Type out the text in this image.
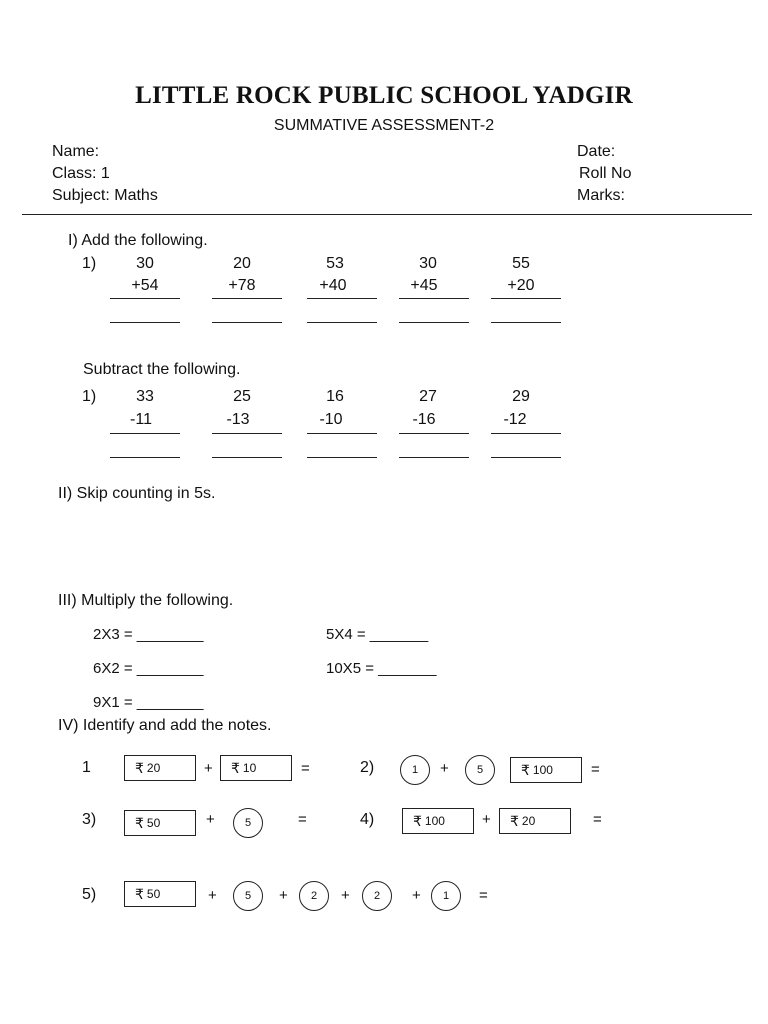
LITTLE ROCK PUBLIC SCHOOL YADGIR
SUMMATIVE ASSESSMENT-2
Name:
Class: 1
Subject: Maths
Date:
Roll No
Marks:
I) Add the following.
1)	30
+54
20
+78
53
+40
30
+45
55
+20
Subtract the following.
1)	33
-11
25
-13
16
-10
27
-16
29
-12
II) Skip counting in 5s.
III) Multiply the following.
2X3 = ________	5X4 = _______
6X2 = ________	10X5 = _______
9X1 = ________
IV) Identify and add the notes.
1	₹ 20	+ ₹ 10	=	2)	1	+	5	₹ 100	=
3)	₹ 50	+	5	=	4)	₹ 100 + ₹ 20	=
5)	₹ 50	+	5	+	2	+	2	+	1	=
